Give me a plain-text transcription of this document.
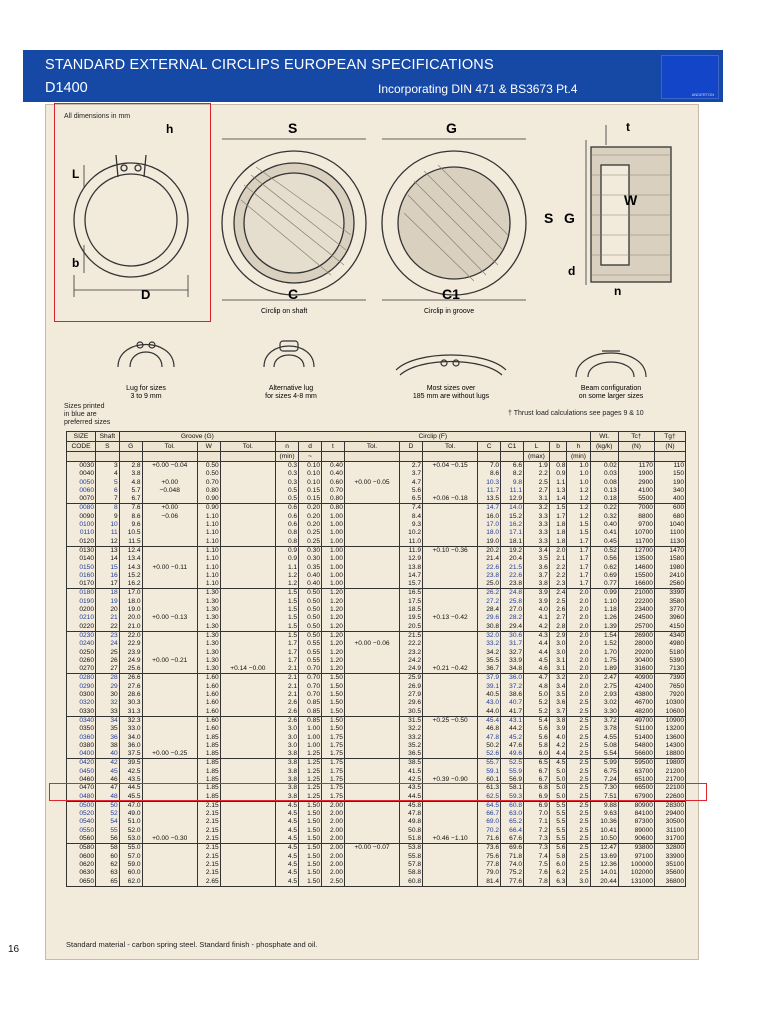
STANDARD EXTERNAL CIRCLIPS EUROPEAN SPECIFICATIONS
D1400	Incorporating DIN 471 & BS3673 Pt.4	ANDERTON
All dimensions in mm
h
L
b
D
S
C
Circlip on shaft
G
C1
Circlip in groove
t
W
S G
d
n
Lug for sizes 3 to 9 mm
Alternative lug for sizes 4-8 mm
Most sizes over 185 mm are without lugs
Beam configuration on some larger sizes
Sizes printed
in blue are
preferred sizes
† Thrust load calculations see pages 9 & 10
SIZE	Shaft	Groove (G)				Circlip (F)											Wt.	Tc†	Tg†
CODE	S	G	Tol.	W	Tol.	n	d	t	Tol.	D	Tol.	C	C1	L	b	h	(kg/k)	(N)	(N)
						(min)	~							(max)		(min)			
0030	3	2.8	+0.00 −0.04	0.50		0.3	0.10	0.40		2.7	+0.04 −0.15	7.0	6.6	1.9	0.8	1.0	0.02	1170	110
0040	4	3.8		0.50		0.3	0.10	0.40		3.7		8.6	8.2	2.2	0.9	1.0	0.03	1900	150
0050	5	4.8	+0.00	0.70		0.3	0.10	0.60	+0.00 −0.05	4.7		10.3	9.8	2.5	1.1	1.0	0.08	2900	190
0060	6	5.7	−0.048	0.80		0.5	0.15	0.70		5.6		11.7	11.1	2.7	1.3	1.2	0.13	4100	340
0070	7	6.7		0.90		0.5	0.15	0.80		6.5	+0.06 −0.18	13.5	12.9	3.1	1.4	1.2	0.18	5500	400
0080	8	7.6	+0.00	0.90		0.6	0.20	0.80		7.4		14.7	14.0	3.2	1.5	1.2	0.22	7000	600
0090	9	8.6	−0.06	1.10		0.6	0.20	1.00		8.4		16.0	15.2	3.3	1.7	1.2	0.32	8800	680
0100	10	9.6		1.10		0.6	0.20	1.00		9.3		17.0	16.2	3.3	1.8	1.5	0.40	9700	1040
0110	11	10.5		1.10		0.8	0.25	1.00		10.2		18.0	17.1	3.3	1.8	1.5	0.41	10700	1100
0120	12	11.5		1.10		0.8	0.25	1.00		11.0		19.0	18.1	3.3	1.8	1.7	0.45	11700	1130
0130	13	12.4		1.10		0.9	0.30	1.00		11.9	+0.10 −0.36	20.2	19.2	3.4	2.0	1.7	0.52	12700	1470
0140	14	13.4		1.10		0.9	0.30	1.00		12.9		21.4	20.4	3.5	2.1	1.7	0.56	13500	1580
0150	15	14.3	+0.00 −0.11	1.10		1.1	0.35	1.00		13.8		22.6	21.5	3.6	2.2	1.7	0.62	14600	1980
0160	16	15.2		1.10		1.2	0.40	1.00		14.7		23.8	22.6	3.7	2.2	1.7	0.69	15500	2410
0170	17	16.2		1.10		1.2	0.40	1.00		15.7		25.0	23.8	3.8	2.3	1.7	0.77	16600	2560
0180	18	17.0		1.30		1.5	0.50	1.20		16.5		26.2	24.8	3.9	2.4	2.0	0.99	21000	3390
0190	19	18.0		1.30		1.5	0.50	1.20		17.5		27.2	25.8	3.9	2.5	2.0	1.10	22200	3580
0200	20	19.0		1.30		1.5	0.50	1.20		18.5		28.4	27.0	4.0	2.6	2.0	1.18	23400	3770
0210	21	20.0	+0.00 −0.13	1.30		1.5	0.50	1.20		19.5	+0.13 −0.42	29.6	28.2	4.1	2.7	2.0	1.26	24500	3960
0220	22	21.0		1.30		1.5	0.50	1.20		20.5		30.8	29.4	4.2	2.8	2.0	1.39	25700	4150
0230	23	22.0		1.30		1.5	0.50	1.20		21.5		32.0	30.6	4.3	2.9	2.0	1.54	26900	4340
0240	24	22.9		1.30		1.7	0.55	1.20	+0.00 −0.06	22.2		33.2	31.7	4.4	3.0	2.0	1.52	28000	4980
0250	25	23.9		1.30		1.7	0.55	1.20		23.2		34.2	32.7	4.4	3.0	2.0	1.70	29200	5180
0260	26	24.9	+0.00 −0.21	1.30		1.7	0.55	1.20		24.2		35.5	33.9	4.5	3.1	2.0	1.75	30400	5390
0270	27	25.6		1.30	+0.14 −0.00	2.1	0.70	1.20		24.9	+0.21 −0.42	36.7	34.8	4.6	3.1	2.0	1.89	31600	7130
0280	28	26.6		1.60		2.1	0.70	1.50		25.9		37.9	36.0	4.7	3.2	2.0	2.47	40900	7390
0290	29	27.6		1.60		2.1	0.70	1.50		26.9		39.1	37.2	4.8	3.4	2.0	2.75	42400	7650
0300	30	28.6		1.60		2.1	0.70	1.50		27.9		40.5	38.6	5.0	3.5	2.0	2.93	43800	7920
0320	32	30.3		1.60		2.6	0.85	1.50		29.6		43.0	40.7	5.2	3.6	2.5	3.02	46700	10300
0330	33	31.3		1.60		2.6	0.85	1.50		30.5		44.0	41.7	5.2	3.7	2.5	3.30	48200	10600
0340	34	32.3		1.60		2.6	0.85	1.50		31.5	+0.25 −0.50	45.4	43.1	5.4	3.8	2.5	3.72	49700	10900
0350	35	33.0		1.60		3.0	1.00	1.50		32.2		46.8	44.2	5.6	3.9	2.5	3.78	51100	13200
0360	36	34.0		1.85		3.0	1.00	1.75		33.2		47.8	45.2	5.6	4.0	2.5	4.55	51400	13600
0380	38	36.0		1.85		3.0	1.00	1.75		35.2		50.2	47.6	5.8	4.2	2.5	5.08	54800	14300
0400	40	37.5	+0.00 −0.25	1.85		3.8	1.25	1.75		36.5		52.6	49.6	6.0	4.4	2.5	5.54	56600	18800
0420	42	39.5		1.85		3.8	1.25	1.75		38.5		55.7	52.5	6.5	4.5	2.5	5.99	59500	19800
0450	45	42.5		1.85		3.8	1.25	1.75		41.5		59.1	55.9	6.7	5.0	2.5	6.75	63700	21200
0460	46	43.5		1.85		3.8	1.25	1.75		42.5	+0.39 −0.90	60.1	56.9	6.7	5.0	2.5	7.24	65100	21700
0470	47	44.5		1.85		3.8	1.25	1.75		43.5		61.3	58.1	6.8	5.0	2.5	7.30	66500	22100
0480	48	45.5		1.85		3.8	1.25	1.75		44.5		62.5	59.3	6.9	5.0	2.5	7.51	67900	22600
0500	50	47.0		2.15		4.5	1.50	2.00		45.8		64.5	60.8	6.9	5.5	2.5	9.88	80900	28300
0520	52	49.0		2.15		4.5	1.50	2.00		47.8		66.7	63.0	7.0	5.5	2.5	9.63	84100	29400
0540	54	51.0		2.15		4.5	1.50	2.00		49.8		69.0	65.2	7.1	5.5	2.5	10.36	87300	30500
0550	55	52.0		2.15		4.5	1.50	2.00		50.8		70.2	66.4	7.2	5.5	2.5	10.41	89000	31100
0560	56	53.0	+0.00 −0.30	2.15		4.5	1.50	2.00		51.8	+0.46 −1.10	71.6	67.6	7.3	5.5	2.5	10.50	90600	31700
0580	58	55.0		2.15		4.5	1.50	2.00	+0.00 −0.07	53.8		73.6	69.6	7.3	5.6	2.5	12.47	93800	32800
0600	60	57.0		2.15		4.5	1.50	2.00		55.8		75.6	71.8	7.4	5.8	2.5	13.69	97100	33900
0620	62	59.0		2.15		4.5	1.50	2.00		57.8		77.8	74.0	7.5	6.0	2.5	12.36	100000	35100
0630	63	60.0		2.15		4.5	1.50	2.00		58.8		79.0	75.2	7.6	6.2	2.5	14.01	102000	35600
0650	65	62.0		2.65		4.5	1.50	2.50		60.8		81.4	77.6	7.8	6.3	3.0	20.44	131000	36800
Standard material - carbon spring steel. Standard finish - phosphate and oil.
16
